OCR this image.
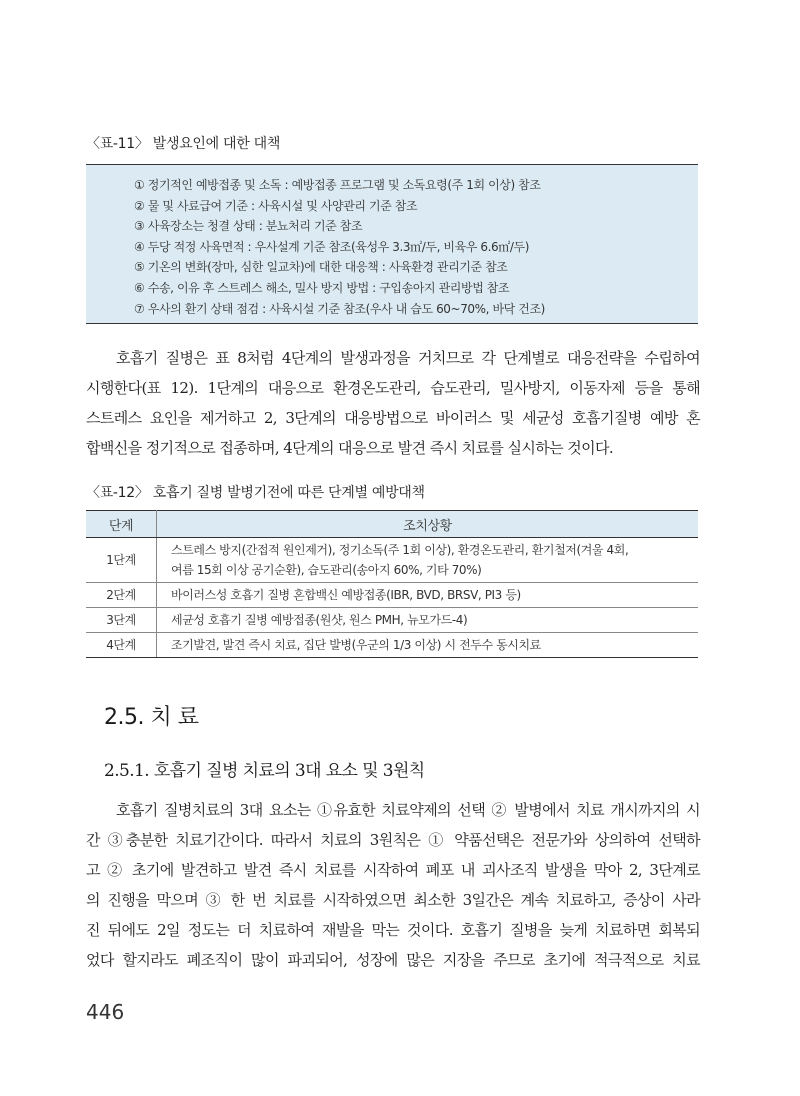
〈표-11〉 발생요인에 대한 대책
① 정기적인 예방접종 및 소독 : 예방접종 프로그램 및 소독요령(주 1회 이상) 참조
② 물 및 사료급여 기준 : 사육시설 및 사양관리 기준 참조
③ 사육장소는 청결 상태 : 분뇨처리 기준 참조
④ 두당 적정 사육면적 : 우사설계 기준 참조(육성우 3.3㎡/두, 비육우 6.6㎡/두)
⑤ 기온의 변화(장마, 심한 일교차)에 대한 대응책 : 사육환경 관리기준 참조
⑥ 수송, 이유 후 스트레스 해소, 밀사 방지 방법 : 구입송아지 관리방법 참조
⑦ 우사의 환기 상태 점검 : 사육시설 기준 참조(우사 내 습도 60~70%, 바닥 건조)
호흡기 질병은 표 8처럼 4단계의 발생과정을 거치므로 각 단계별로 대응전략을 수립하여
시행한다(표 12). 1단계의 대응으로 환경온도관리, 습도관리, 밀사방지, 이동자제 등을 통해
스트레스 요인을 제거하고 2, 3단계의 대응방법으로 바이러스 및 세균성 호흡기질병 예방 혼
합백신을 정기적으로 접종하며, 4단계의 대응으로 발견 즉시 치료를 실시하는 것이다.
〈표-12〉 호흡기 질병 발병기전에 따른 단계별 예방대책
단계	조치상황
1단계	스트레스 방지(간접적 원인제거), 정기소독(주 1회 이상), 환경온도관리, 환기철저(겨울 4회,
여름 15회 이상 공기순환), 습도관리(송아지 60%, 기타 70%)

2단계	바이러스성 호흡기 질병 혼합백신 예방접종(IBR, BVD, BRSV, PI3 등)
3단계	세균성 호흡기 질병 예방접종(원샷, 원스 PMH, 뉴모가드-4)
4단계	조기발견, 발견 즉시 치료, 집단 발병(우군의 1/3 이상) 시 전두수 동시치료
2.5. 치 료
2.5.1. 호흡기 질병 치료의 3대 요소 및 3원칙
호흡기 질병치료의 3대 요소는 ①유효한 치료약제의 선택 ② 발병에서 치료 개시까지의 시
간 ③충분한 치료기간이다. 따라서 치료의 3원칙은 ① 약품선택은 전문가와 상의하여 선택하
고 ② 초기에 발견하고 발견 즉시 치료를 시작하여 폐포 내 괴사조직 발생을 막아 2, 3단계로
의 진행을 막으며 ③ 한 번 치료를 시작하였으면 최소한 3일간은 계속 치료하고, 증상이 사라
진 뒤에도 2일 정도는 더 치료하여 재발을 막는 것이다. 호흡기 질병을 늦게 치료하면 회복되
었다 할지라도 폐조직이 많이 파괴되어, 성장에 많은 지장을 주므로 초기에 적극적으로 치료
446
